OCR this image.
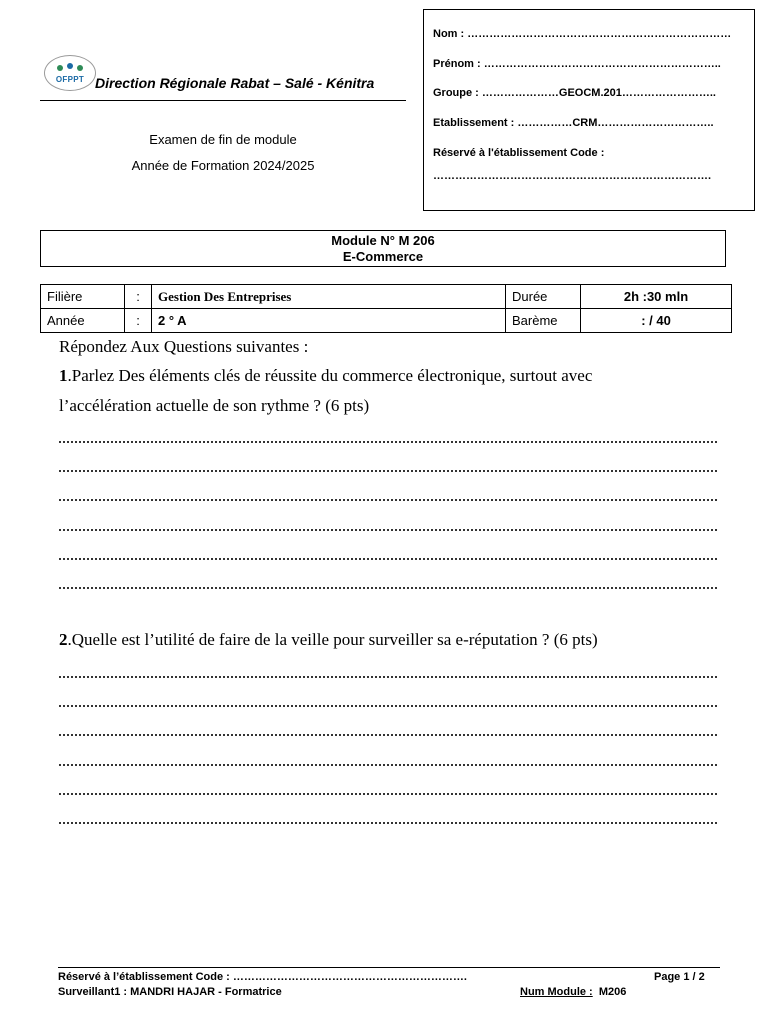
OFPPT Direction Régionale Rabat – Salé - Kénitra
Examen de fin de module
Année de Formation 2024/2025
Nom : ………………………………………………………………
Prénom : ………………………………………………………..
Groupe : …………………GEOCM.201……………………..
Etablissement : ……………CRM…………………………..
Réservé à l'établissement Code :
………………………………………………………………….
Module N° M 206
E-Commerce
Filière	:	Gestion Des Entreprises	Durée	2h :30 mln
Année	:	2 ° A	Barème	: / 40
Répondez Aux Questions suivantes :
1.Parlez Des éléments clés de réussite du commerce électronique, surtout avec
l’accélération actuelle de son rythme ? (6 pts)
2.Quelle est l’utilité de faire de la veille pour surveiller sa e-réputation ? (6 pts)
Réservé à l’établissement Code : ……………………………………………………….	Page 1 / 2
Surveillant1 : MANDRI HAJAR - Formatrice	Num Module : M206
